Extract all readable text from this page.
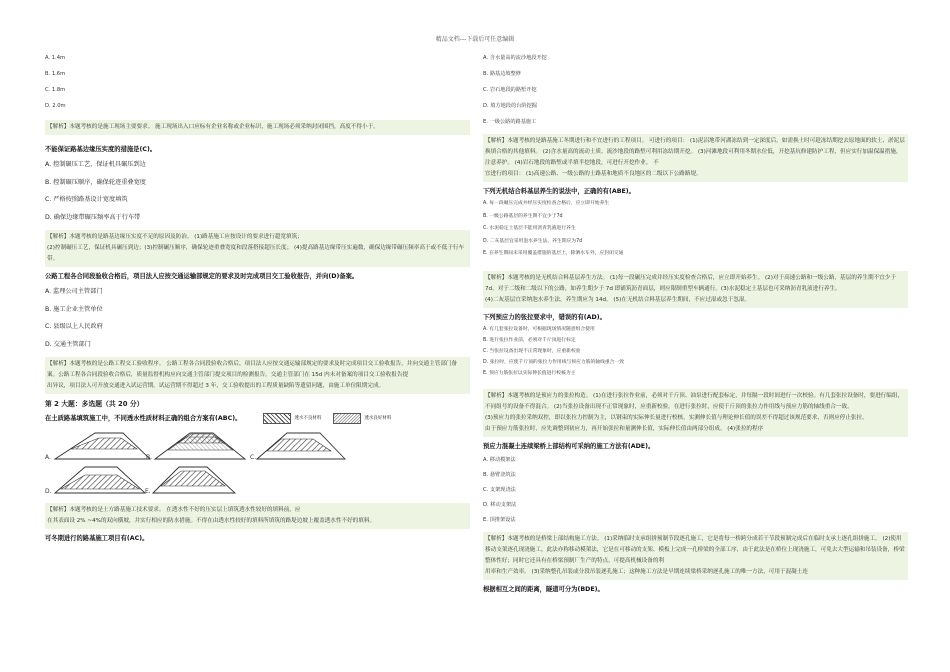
精品文档---下载后可任意编辑
A. 1.4m
B. 1.6m
C. 1.8m
D. 2.0m
【解析】本题考核的是施工现场主要要求。 施工现场出入口应标有企业名称或企业标识，施工现场必须采纳封闭围挡，高度不得小于。
不能保证路基边缘压实度的措施是(C)。
A. 控制碾压工艺，保证机具碾压到边
B. 控制碾压顺序，确保轮迹重叠宽度
C. 严格按照路基设计宽度填筑
D. 确保边缘带碾压频率高于行车带
【解析】本题考核的是路基边缘压实度不足的原因及防治。 (1)路基施工应按设计的要求进行超宽填筑；
(2)控制碾压工艺，保证机具碾压到边；(3)控制碾压顺序，确保轮迹重叠宽度和段落搭接超压长度； (4)提高路基边缘带压实遍数，确保边缘带碾压频率高于或不低于行车带。
公路工程各合同段验收合格后，项目法人应按交通运输部规定的要求及时完成项目交工验收报告，并向(D)备案。
A. 监理公司主管部门
B. 施工企业主管单位
C. 县级以上人民政府
D. 交通主管部门
【解析】本题考核的是公路工程交工验收程序。 公路工程各合同段验收合格后，项目法人应按交通运输部规定的要求及时完成项目交工验收报告，并向交通主管部门备案。公路工程各合同段验收合格后，质量监督机构应向交通主管部门提交项目的检测报告。交通主管部门在 15d 内未对备案的项目交工验收报告提
出异议，项目法人可开放交通进入试运营期。试运营期不得超过 3 年，交工验收提出的工程质量缺陷等遗留问题，由施工单位限期完成。
第 2 大题：多选题（共 20 分）
在土质路基填筑施工中，不同透水性质材料正确的组合方案有(ABC)。	透水不良材料	透水良好材料
A.	B.	C.
D.	E.
【解析】本题考核的是土方路基施工技术要求。 在透水性不好的压实层上填筑透水性较好的填料前，应
在其表面设 2% ~4%的双向横坡，并实行相应的防水措施。不得在由透水性较好的填料所填筑的路堤边坡上覆盖透水性不好的填料。
可冬期进行的路基施工项目有(AC)。
A. 含水量高的流沙地段开挖
B. 路基边坡整修
C. 岩石地段的路堑开挖
D. 填方地段的台阶挖掘
E. 一级公路的路基施工
【解析】本题考核的是路基施工冬期进行和不宜进行的工程项目。 可进行的项目： (1)泥沼地带河湖冻结到一定深度后，如需换土时可趁冻结期挖去原地面的软土、淤泥层换填合格的其他填料。 (2)含水量高的流动土质、流沙地段的路堑可利用冻结期开挖。 (3)河滩地段可利用冬期水位低，开挖基坑修建防护工程，但应实行加温保温措施，注意养护。 (4)岩石地段的路堑或半填半挖地段，可进行开挖作业。 不
宜进行的项目： (1)高速公路、一级公路的土路基和地质不良地区的二级以下公路路堤。
下列无机结合料基层养生的说法中，正确的有(ABE)。
A. 每一段碾压完成并经压实度检查合格后，应立即开始养生
B. 一级公路基层的养生期不宜少于7d
C. 水泥稳定土基层不能用沥青乳液进行养生
D. 二灰基层宜采用泡水养生法，养生期应为7d
E. 在养生期间未采用覆盖措施的基层上，除洒水车外，应封闭交通
【解析】本题考核的是无机结合料基层养生方法。 (1)每一段碾压完成并经压实度检查合格后，应立即开始养生。 (2)对于高速公路和一级公路，基层的养生期不宜少于 7d。对于二级和二级以下的公路，如养生期少于 7d 即铺筑沥青面层，则应限制重型车辆通行。(3)水泥稳定土基层也可采纳沥青乳液进行养生。
(4)二灰基层宜采纳泡水养生法，养生期应为 14d。 (5)在无机结合料基层养生期间，不应过湿或忽干忽湿。
下列预应力的张拉要求中，错误的有(AD)。
A. 有几套张拉设备时，可根据现场情况随意组合使用
B. 进行张拉作业前，必须对千斤顶进行标定
C. 当张拉设备出现不正常现象时，应重新校验
D. 张拉时，应使千斤顶的张拉力作用线与预应力筋的轴线重合一致
E. 预应力筋张拉以实际伸长值进行校核为主
【解析】本题考核的是预应力的张拉构造。 (1)在进行张拉作业前，必须对千斤顶、油泵进行配套标定，并每隔一段时间进行一次校验。有几套张拉设备时，要进行编组，不同组号的设备不得混合。 (2)当张拉设备出现不正常现象时，应重新校验。在进行张拉时，应使千斤顶的张拉力作用线与预应力筋的轴线重合一致。
(3)预应力的张拉采纳双控，即以张拉力控制为主，以钢束的实际伸长量进行校核，实测伸长值与理论伸长值的误差不得超过该规范要求，否则应停止张拉，
由于预应力筋张拉时，应先调整到初应力，再开始张拉和量测伸长值，实际伸长值由两部分组成。 (4)张拉的程序
预应力混凝土连续梁桥上部结构可采纳的施工方法有(ADE)。
A. 移动模架法
B. 悬臂浇筑法
C. 支架现浇法
D. 移动支架法
E. 顶推架设法
【解析】本题考核的是桥梁上部结构施工方法。 (1)采纳临时支承组拼预制节段逐孔施工，它是将每一桥跨分成若干节段预制完成后在临时支承上逐孔组拼施工。 (2)使用移动支架逐孔现浇施工，此法亦称移动模架法，它是在可移动的支架、模板上完成一孔桥梁的全部工序，由于此法是在桥位上现浇施工，可免去大型运输和吊装设备，桥梁整体性好；同时它还具有在桥梁预制厂生产的特点，可提高机械设备的利
用率和生产效率。 (3)采纳整孔吊装或分段吊装逐孔施工；这种施工方法是早期连续梁桥采纳逐孔施工的唯一方法，可用于混凝土连
根据相互之间的距离，隧道可分为(BDE)。
